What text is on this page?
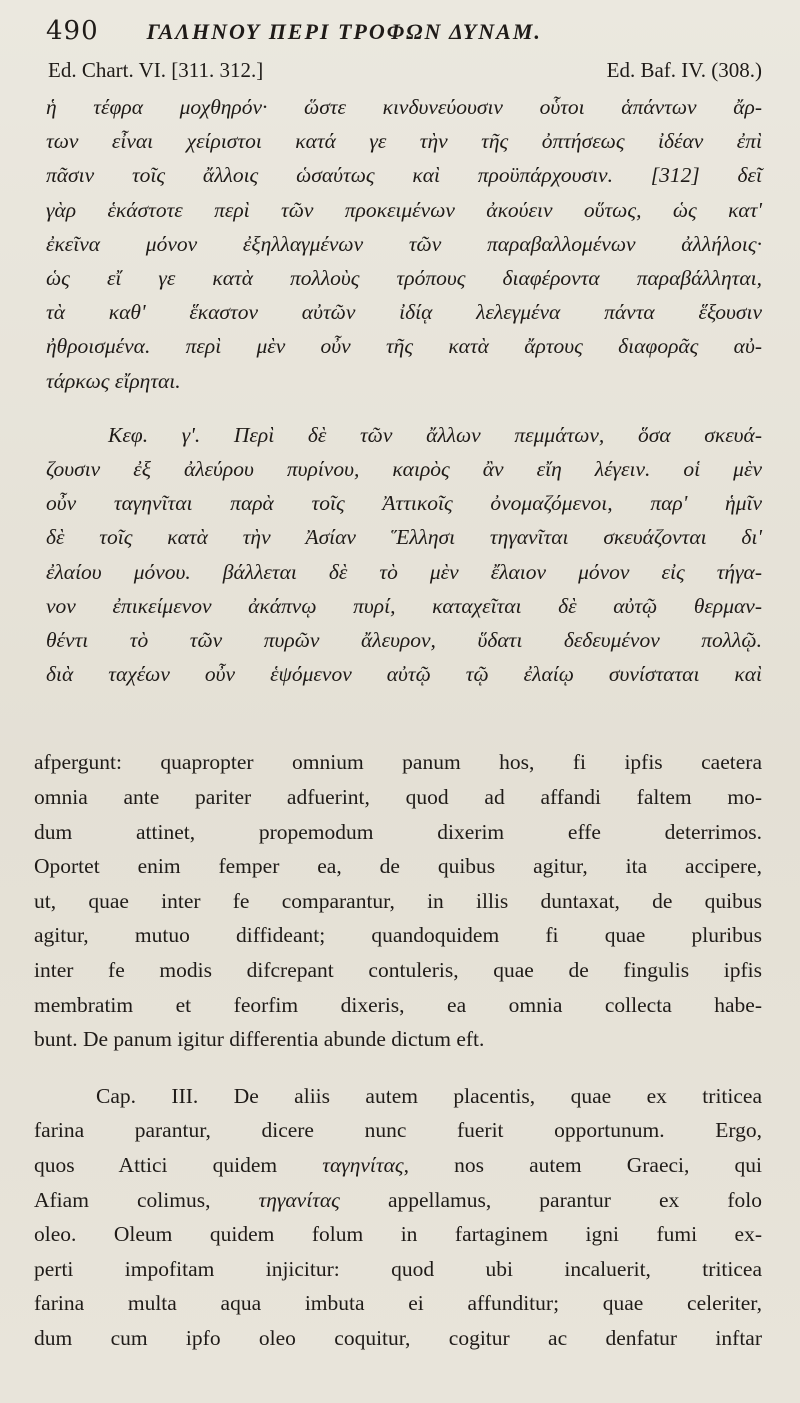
490 ΓΑΛΗΝΟΥ ΠΕΡΙ ΤΡΟΦΩΝ ΔΥΝΑΜ.
Ed. Chart. VI. [311. 312.]	Ed. Baf. IV. (308.)
ἡ τέφρα μοχθηρόν· ὥστε κινδυνεύουσιν οὗτοι ἁπάντων ἄρ-
των εἶναι χείριστοι κατά γε τὴν τῆς ὀπτήσεως ἰδέαν ἐπὶ
πᾶσιν τοῖς ἄλλοις ὡσαύτως καὶ προϋπάρχουσιν. [312] δεῖ
γὰρ ἑκάστοτε περὶ τῶν προκειμένων ἀκούειν οὕτως, ὡς κατ'
ἐκεῖνα μόνον ἐξηλλαγμένων τῶν παραβαλλομένων ἀλλήλοις·
ὡς εἴ γε κατὰ πολλοὺς τρόπους διαφέροντα παραβάλληται,
τὰ καθ' ἕκαστον αὐτῶν ἰδίᾳ λελεγμένα πάντα ἕξουσιν
ἠθροισμένα. περὶ μὲν οὖν τῆς κατὰ ἄρτους διαφορᾶς αὐ-
τάρκως εἴρηται.
Κεφ. γ'. Περὶ δὲ τῶν ἄλλων πεμμάτων, ὅσα σκευά-
ζουσιν ἐξ ἀλεύρου πυρίνου, καιρὸς ἂν εἴη λέγειν. οἱ μὲν
οὖν ταγηνῖται παρὰ τοῖς Ἀττικοῖς ὀνομαζόμενοι, παρ' ἡμῖν
δὲ τοῖς κατὰ τὴν Ἀσίαν Ἕλλησι τηγανῖται σκευάζονται δι'
ἐλαίου μόνου. βάλλεται δὲ τὸ μὲν ἔλαιον μόνον εἰς τήγα-
νον ἐπικείμενον ἀκάπνῳ πυρί, καταχεῖται δὲ αὐτῷ θερμαν-
θέντι τὸ τῶν πυρῶν ἄλευρον, ὕδατι δεδευμένον πολλῷ.
διὰ ταχέων οὖν ἑψόμενον αὐτῷ τῷ ἐλαίῳ συνίσταται καὶ
afpergunt: quapropter omnium panum hos, fi ipfis caetera
omnia ante pariter adfuerint, quod ad affandi faltem mo-
dum attinet, propemodum dixerim effe deterrimos.
Oportet enim femper ea, de quibus agitur, ita accipere,
ut, quae inter fe comparantur, in illis duntaxat, de quibus
agitur, mutuo diffideant; quandoquidem fi quae pluribus
inter fe modis difcrepant contuleris, quae de fingulis ipfis
membratim et feorfim dixeris, ea omnia collecta habe-
bunt. De panum igitur differentia abunde dictum eft.
Cap. III. De aliis autem placentis, quae ex triticea
farina parantur, dicere nunc fuerit opportunum. Ergo,
quos Attici quidem ταγηνίτας, nos autem Graeci, qui
Afiam colimus, τηγανίτας appellamus, parantur ex folo
oleo. Oleum quidem folum in fartaginem igni fumi ex-
perti impofitam injicitur: quod ubi incaluerit, triticea
farina multa aqua imbuta ei affunditur; quae celeriter,
dum cum ipfo oleo coquitur, cogitur ac denfatur inftar
